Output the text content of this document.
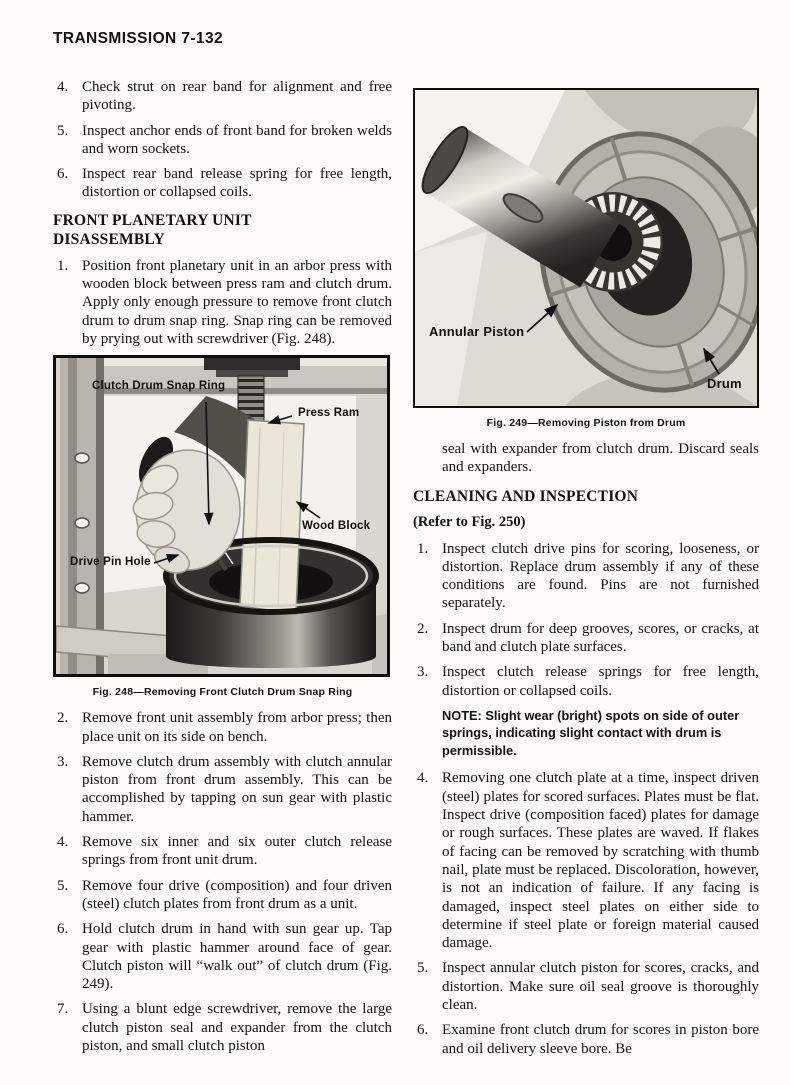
TRANSMISSION 7-132
4. Check strut on rear band for alignment and free pivoting.
5. Inspect anchor ends of front band for broken welds and worn sockets.
6. Inspect rear band release spring for free length, distortion or collapsed coils.
FRONT PLANETARY UNIT
DISASSEMBLY
1. Position front planetary unit in an arbor press with wooden block between press ram and clutch drum. Apply only enough pressure to remove front clutch drum to drum snap ring. Snap ring can be removed by prying out with screwdriver (Fig. 248).
Clutch Drum Snap Ring
Press Ram
Wood Block
Drive Pin Hole
Fig. 248—Removing Front Clutch Drum Snap Ring
2. Remove front unit assembly from arbor press; then place unit on its side on bench.
3. Remove clutch drum assembly with clutch annular piston from front drum assembly. This can be accomplished by tapping on sun gear with plastic hammer.
4. Remove six inner and six outer clutch release springs from front unit drum.
5. Remove four drive (composition) and four driven (steel) clutch plates from front drum as a unit.
6. Hold clutch drum in hand with sun gear up. Tap gear with plastic hammer around face of gear. Clutch piston will “walk out” of clutch drum (Fig. 249).
7. Using a blunt edge screwdriver, remove the large clutch piston seal and expander from the clutch piston, and small clutch piston
Annular Piston
Drum
Fig. 249—Removing Piston from Drum

seal with expander from clutch drum. Discard seals and expanders.

CLEANING AND INSPECTION
(Refer to Fig. 250)
1. Inspect clutch drive pins for scoring, looseness, or distortion. Replace drum assembly if any of these conditions are found. Pins are not furnished separately.
2. Inspect drum for deep grooves, scores, or cracks, at band and clutch plate surfaces.
3. Inspect clutch release springs for free length, distortion or collapsed coils.
NOTE: Slight wear (bright) spots on side of outer springs, indicating slight contact with drum is permissible.
4. Removing one clutch plate at a time, inspect driven (steel) plates for scored surfaces. Plates must be flat. Inspect drive (composition faced) plates for damage or rough surfaces. These plates are waved. If flakes of facing can be removed by scratching with thumb nail, plate must be replaced. Discoloration, however, is not an indication of failure. If any facing is damaged, inspect steel plates on either side to determine if steel plate or foreign material caused damage.
5. Inspect annular clutch piston for scores, cracks, and distortion. Make sure oil seal groove is thoroughly clean.
6. Examine front clutch drum for scores in piston bore and oil delivery sleeve bore. Be
